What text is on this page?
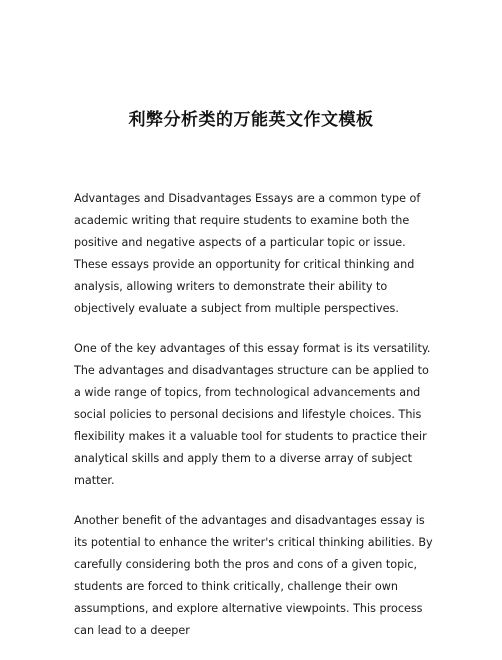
利弊分析类的万能英文作文模板

Advantages and Disadvantages Essays are a common type of academic writing that require students to examine both the positive and negative aspects of a particular topic or issue. These essays provide an opportunity for critical thinking and analysis, allowing writers to demonstrate their ability to objectively evaluate a subject from multiple perspectives.

One of the key advantages of this essay format is its versatility. The advantages and disadvantages structure can be applied to a wide range of topics, from technological advancements and social policies to personal decisions and lifestyle choices. This flexibility makes it a valuable tool for students to practice their analytical skills and apply them to a diverse array of subject matter.

Another benefit of the advantages and disadvantages essay is its potential to enhance the writer's critical thinking abilities. By carefully considering both the pros and cons of a given topic, students are forced to think critically, challenge their own assumptions, and explore alternative viewpoints. This process can lead to a deeper
